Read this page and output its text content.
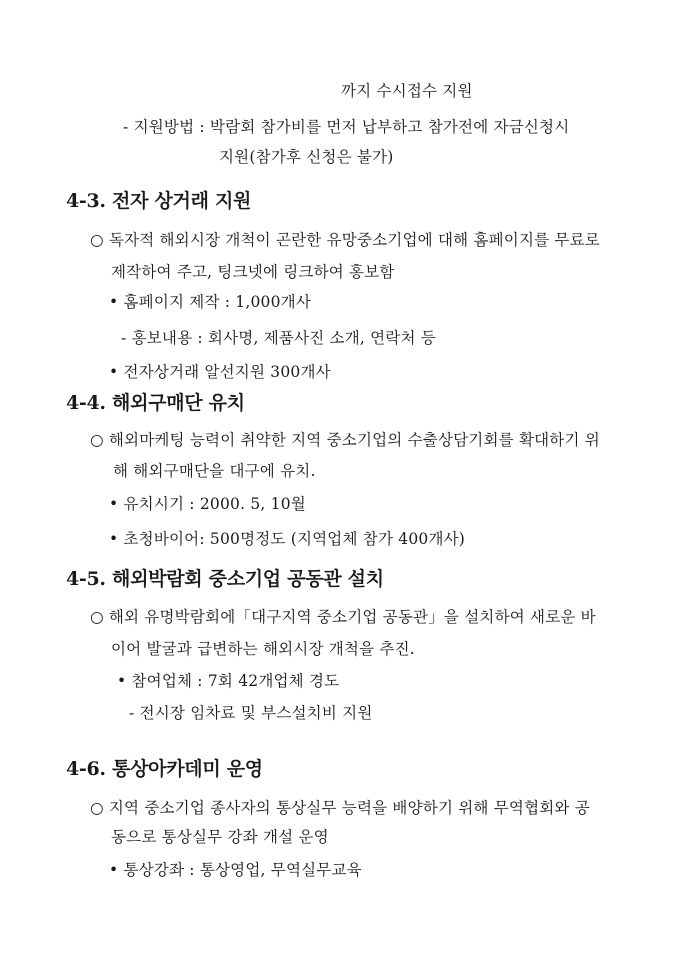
까지 수시접수 지원
- 지원방법 : 박람회 참가비를 먼저 납부하고 참가전에 자금신청시
지원(참가후 신청은 불가)
4-3. 전자 상거래 지원
○ 독자적 해외시장 개척이 곤란한 유망중소기업에 대해 홈페이지를 무료로
제작하여 주고, 팅크넷에 링크하여 홍보함
• 홈페이지 제작 : 1,000개사
- 홍보내용 : 회사명, 제품사진 소개, 연락처 등
• 전자상거래 알선지원 300개사
4-4. 해외구매단 유치
○ 해외마케팅 능력이 취약한 지역 중소기업의 수출상담기회를 확대하기 위
해 해외구매단을 대구에 유치.
• 유치시기 : 2000. 5, 10월
• 초청바이어: 500명정도 (지역업체 참가 400개사)
4-5. 해외박람회 중소기업 공동관 설치
○ 해외 유명박람회에「대구지역 중소기업 공동관」을 설치하여 새로운 바
이어 발굴과 급변하는 해외시장 개척을 추진.
• 참여업체 : 7회 42개업체 경도
- 전시장 임차료 및 부스설치비 지원
4-6. 통상아카데미 운영
○ 지역 중소기업 종사자의 통상실무 능력을 배양하기 위해 무역협회와 공
동으로 통상실무 강좌 개설 운영
• 통상강좌 : 통상영업, 무역실무교육
